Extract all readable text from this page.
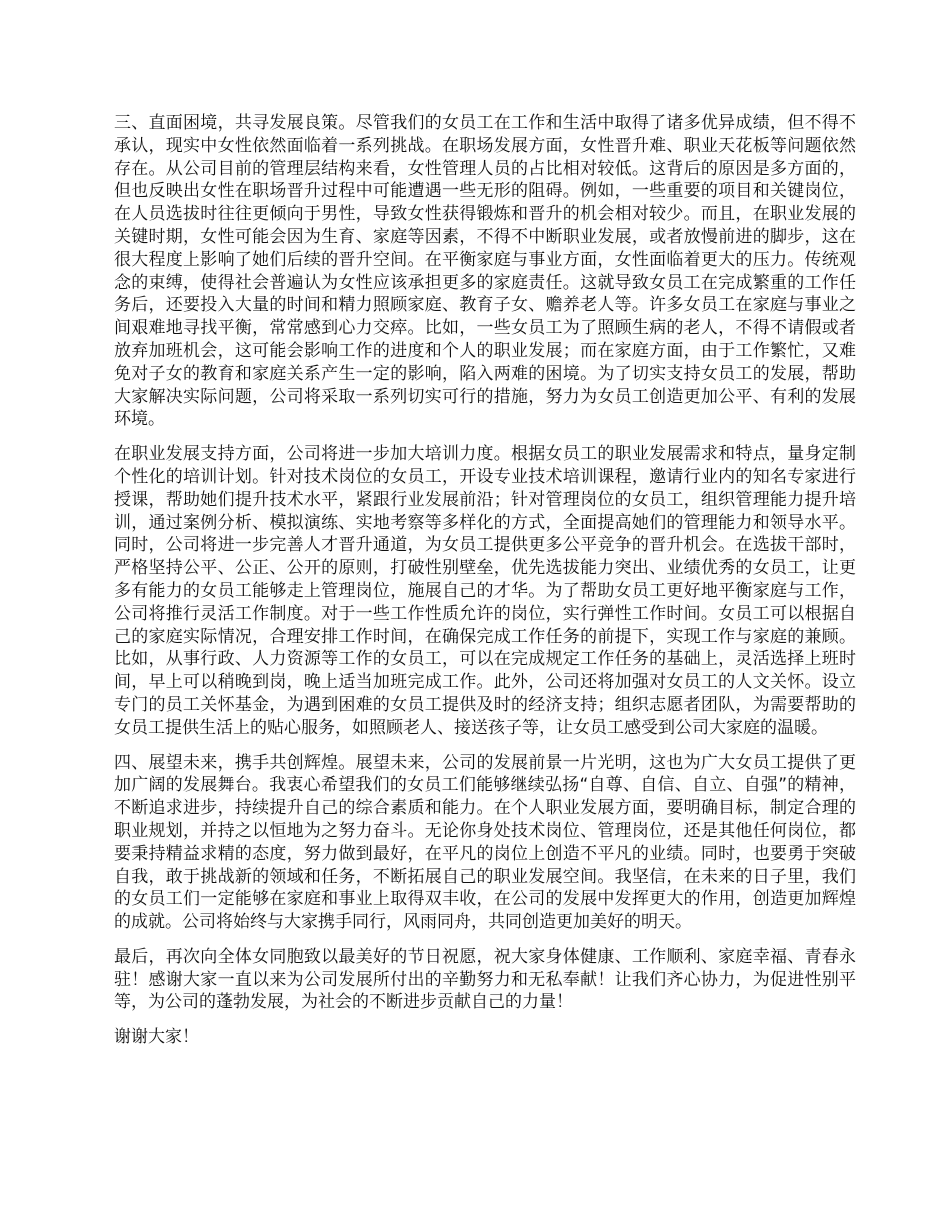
三、直面困境，共寻发展良策。尽管我们的女员工在工作和生活中取得了诸多优异成绩，但不得不承认，现实中女性依然面临着一系列挑战。在职场发展方面，女性晋升难、职业天花板等问题依然存在。从公司目前的管理层结构来看，女性管理人员的占比相对较低。这背后的原因是多方面的，但也反映出女性在职场晋升过程中可能遭遇一些无形的阻碍。例如，一些重要的项目和关键岗位，在人员选拔时往往更倾向于男性，导致女性获得锻炼和晋升的机会相对较少。而且，在职业发展的关键时期，女性可能会因为生育、家庭等因素，不得不中断职业发展，或者放慢前进的脚步，这在很大程度上影响了她们后续的晋升空间。在平衡家庭与事业方面，女性面临着更大的压力。传统观念的束缚，使得社会普遍认为女性应该承担更多的家庭责任。这就导致女员工在完成繁重的工作任务后，还要投入大量的时间和精力照顾家庭、教育子女、赡养老人等。许多女员工在家庭与事业之间艰难地寻找平衡，常常感到心力交瘁。比如，一些女员工为了照顾生病的老人，不得不请假或者放弃加班机会，这可能会影响工作的进度和个人的职业发展；而在家庭方面，由于工作繁忙，又难免对子女的教育和家庭关系产生一定的影响，陷入两难的困境。为了切实支持女员工的发展，帮助大家解决实际问题，公司将采取一系列切实可行的措施，努力为女员工创造更加公平、有利的发展环境。

在职业发展支持方面，公司将进一步加大培训力度。根据女员工的职业发展需求和特点，量身定制个性化的培训计划。针对技术岗位的女员工，开设专业技术培训课程，邀请行业内的知名专家进行授课，帮助她们提升技术水平，紧跟行业发展前沿；针对管理岗位的女员工，组织管理能力提升培训，通过案例分析、模拟演练、实地考察等多样化的方式，全面提高她们的管理能力和领导水平。同时，公司将进一步完善人才晋升通道，为女员工提供更多公平竞争的晋升机会。在选拔干部时，严格坚持公平、公正、公开的原则，打破性别壁垒，优先选拔能力突出、业绩优秀的女员工，让更多有能力的女员工能够走上管理岗位，施展自己的才华。为了帮助女员工更好地平衡家庭与工作，公司将推行灵活工作制度。对于一些工作性质允许的岗位，实行弹性工作时间。女员工可以根据自己的家庭实际情况，合理安排工作时间，在确保完成工作任务的前提下，实现工作与家庭的兼顾。比如，从事行政、人力资源等工作的女员工，可以在完成规定工作任务的基础上，灵活选择上班时间，早上可以稍晚到岗，晚上适当加班完成工作。此外，公司还将加强对女员工的人文关怀。设立专门的员工关怀基金，为遇到困难的女员工提供及时的经济支持；组织志愿者团队，为需要帮助的女员工提供生活上的贴心服务，如照顾老人、接送孩子等，让女员工感受到公司大家庭的温暖。

四、展望未来，携手共创辉煌。展望未来，公司的发展前景一片光明，这也为广大女员工提供了更加广阔的发展舞台。我衷心希望我们的女员工们能够继续弘扬“自尊、自信、自立、自强”的精神，不断追求进步，持续提升自己的综合素质和能力。在个人职业发展方面，要明确目标，制定合理的职业规划，并持之以恒地为之努力奋斗。无论你身处技术岗位、管理岗位，还是其他任何岗位，都要秉持精益求精的态度，努力做到最好，在平凡的岗位上创造不平凡的业绩。同时，也要勇于突破自我，敢于挑战新的领域和任务，不断拓展自己的职业发展空间。我坚信，在未来的日子里，我们的女员工们一定能够在家庭和事业上取得双丰收，在公司的发展中发挥更大的作用，创造更加辉煌的成就。公司将始终与大家携手同行，风雨同舟，共同创造更加美好的明天。

最后，再次向全体女同胞致以最美好的节日祝愿，祝大家身体健康、工作顺利、家庭幸福、青春永驻！感谢大家一直以来为公司发展所付出的辛勤努力和无私奉献！让我们齐心协力，为促进性别平等，为公司的蓬勃发展，为社会的不断进步贡献自己的力量！

谢谢大家！
